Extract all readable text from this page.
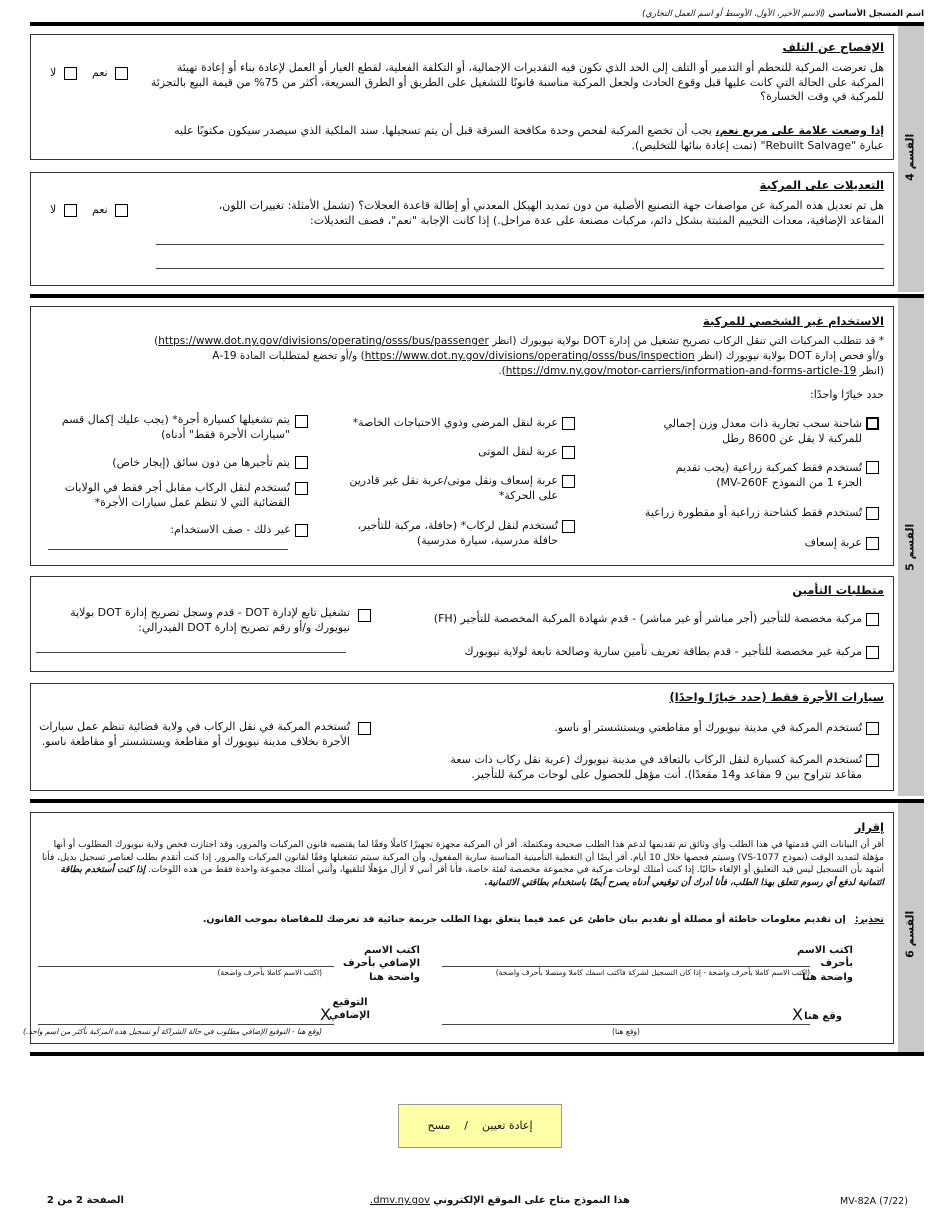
اسم المسجل الأساسي (الاسم الأخير، الأول، الأوسط أو اسم العمل التجاري)
القسم 4
الإفصاح عن التلف
هل تعرضت المركبة للتحطم أو التدمير أو التلف إلى الحد الذي تكون فيه التقديرات الإجمالية، أو التكلفة الفعلية، لقطع الغيار أو العمل لإعادة بناء أو إعادة تهيئة المركبة على الحالة التي كانت عليها قبل وقوع الحادث ولجعل المركبة مناسبة قانونًا للتشغيل على الطريق أو الطرق السريعة، أكثر من 75% من قيمة البيع بالتجزئة للمركبة في وقت الخسارة؟
نعم
لا
إذا وضعت علامة على مربع نعم، يجب أن تخضع المركبة لفحص وحدة مكافحة السرقة قبل أن يتم تسجيلها. سند الملكية الذي سيصدر سيكون مكتوبًا عليه عبارة "Rebuilt Salvage" (تمت إعادة بنائها للتخليص).
التعديلات على المركبة
هل تم تعديل هذه المركبة عن مواصفات جهة التصنيع الأصلية من دون تمديد الهيكل المعدني أو إطالة قاعدة العجلات؟ (تشمل الأمثلة: تغييرات اللون، المقاعد الإضافية، معدات التخييم المثبتة بشكل دائم، مركبات مصنعة على عدة مراحل.) إذا كانت الإجابة "نعم"، فصف التعديلات:
نعم
لا
القسم 5
الاستخدام غير الشخصي للمركبة
* قد تتطلب المركبات التي تنقل الركاب تصريح تشغيل من إدارة DOT بولاية نيويورك (انظر https://www.dot.ny.gov/divisions/operating/osss/bus/passenger)
و/أو فحص إدارة DOT بولاية نيويورك (انظر https://www.dot.ny.gov/divisions/operating/osss/bus/inspection) و/أو تخضع لمتطلبات المادة 19-A
(انظر https://dmv.ny.gov/motor-carriers/information-and-forms-article-19).
حدد خيارًا واحدًا:
شاحنة سحب تجارية ذات معدل وزن إجمالي للمركبة لا يقل عن 8600 رطل
تُستخدم فقط كمركبة زراعية (يجب تقديم الجزء 1 من النموذج MV-260F)
تُستخدم فقط كشاحنة زراعية أو مقطورة زراعية
عربة إسعاف
عربة لنقل المرضى وذوي الاحتياجات الخاصة*
عربة لنقل الموتى
عربة إسعاف ونقل موتى/عربة نقل غير قادرين على الحركة*
تُستخدم لنقل لركاب* (حافلة، مركبة للتأجير، حافلة مدرسية، سيارة مدرسية)
يتم تشغيلها كسيارة أجرة* (يجب عليك إكمال قسم "سيارات الأجرة فقط" أدناه)
يتم تأجيرها من دون سائق (إيجار خاص)
تُستخدم لنقل الركاب مقابل أجر فقط في الولايات القضائية التي لا تنظم عمل سيارات الأجرة*
غير ذلك - صف الاستخدام:
متطلبات التأمين
مركبة مخصصة للتأجير (أجر مباشر أو غير مباشر) - قدم شهادة المركبة المخصصة للتأجير (FH)
مركبة غير مخصصة للتأجير - قدم بطاقة تعريف تأمين سارية وصالحة تابعة لولاية نيويورك
تشغيل تابع لإدارة DOT - قدم وسجل تصريح إدارة DOT بولاية نيويورك و/أو رقم تصريح إدارة DOT الفيدرالي:
سيارات الأجرة فقط (حدد خيارًا واحدًا)
تُستخدم المركبة في مدينة نيويورك أو مقاطعتي ويستشستر أو ناسو.
تُستخدم المركبة كسيارة لنقل الركاب بالتعاقد في مدينة نيويورك (عربة نقل ركاب ذات سعة مقاعد تتراوح بين 9 مقاعد و14 مقعدًا). أنت مؤهل للحصول على لوحات مركبة للتأجير.
تُستخدم المركبة في نقل الركاب في ولاية قضائية تنظم عمل سيارات الأجرة بخلاف مدينة نيويورك أو مقاطعة ويستشستر أو مقاطعة ناسو.
القسم 6
إقرار
أقر أن البيانات التي قدمتها في هذا الطلب وأي وثائق تم تقديمها لدعم هذا الطلب صحيحة ومكتملة. أقر أن المركبة مجهزة تجهيزًا كاملًا وفقًا لما يقتضيه قانون المركبات والمرور، وقد اجتازت فحص ولاية نيويورك المطلوب أو أنها مؤهلة لتمديد الوقت (نموذج VS-1077) وسيتم فحصها خلال 10 أيام. أقر أيضًا أن التغطية التأمينية المناسبة سارية المفعول، وأن المركبة سيتم تشغيلها وفقًا لقانون المركبات والمرور. إذا كنت أتقدم بطلب لعناصر تسجيل بديل، فأنا أشهد بأن التسجيل ليس قيد التعليق أو الإلغاء حاليًا. إذا كنت أمتلك لوحات مركبة في مجموعة مخصصة لفئة خاصة، فأنا أقر أنني لا أزال مؤهلًا لتلقيها، وأنني أمتلك مجموعة واحدة فقط من هذه اللوحات. إذا كنت أستخدم بطاقة ائتمانية لدفع أي رسوم تتعلق بهذا الطلب، فأنا أدرك أن توقيعي أدناه يصرح أيضًا باستخدام بطاقتي الائتمانية.
تحذير:   إن تقديم معلومات خاطئة أو مضللة أو تقديم بيان خاطئ عن عمد فيما يتعلق بهذا الطلب جريمة جنائية قد تعرضك للمقاضاة بموجب القانون.
اكتب الاسم بأحرف واضحة هنا
(اكتب الاسم كاملا بأحرف واضحة - إذا كان التسجيل لشركة فاكتب اسمك كاملا ومتصلا بأحرف واضحة)
اكتب الاسم الإضافي بأحرف واضحة هنا
(اكتب الاسم كاملا بأحرف واضحة)
وقع هنا
X
(وقع هنا)
التوقيع الإضافي
X
(وقع هنا - التوقيع الإضافي مطلوب في حالة الشراكة أو تسجيل هذه المركبة بأكثر من اسم واحد.)
إعادة تعيين
/
مسح
الصفحة 2 من 2	هذا النموذج متاح على الموقع الإلكتروني dmv.ny.gov.	MV-82A (7/22)
